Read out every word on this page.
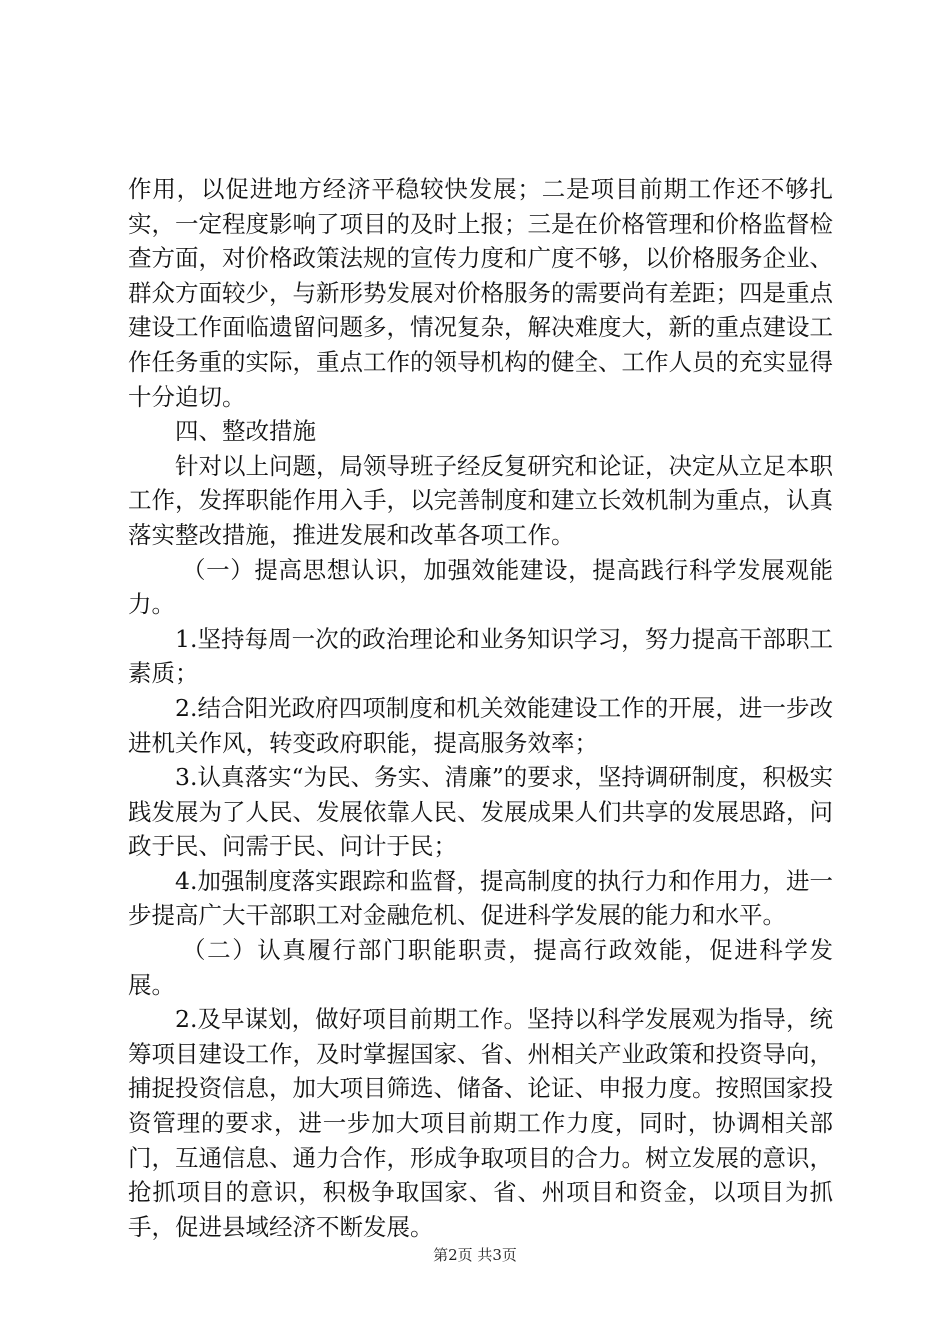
作用，以促进地方经济平稳较快发展；二是项目前期工作还不够扎实，一定程度影响了项目的及时上报；三是在价格管理和价格监督检查方面，对价格政策法规的宣传力度和广度不够，以价格服务企业、群众方面较少，与新形势发展对价格服务的需要尚有差距；四是重点建设工作面临遗留问题多，情况复杂，解决难度大，新的重点建设工作任务重的实际，重点工作的领导机构的健全、工作人员的充实显得十分迫切。

四、整改措施

针对以上问题，局领导班子经反复研究和论证，决定从立足本职工作，发挥职能作用入手，以完善制度和建立长效机制为重点，认真落实整改措施，推进发展和改革各项工作。

（一）提高思想认识，加强效能建设，提高践行科学发展观能力。

1.坚持每周一次的政治理论和业务知识学习，努力提高干部职工素质；

2.结合阳光政府四项制度和机关效能建设工作的开展，进一步改进机关作风，转变政府职能，提高服务效率；

3.认真落实“为民、务实、清廉”的要求，坚持调研制度，积极实践发展为了人民、发展依靠人民、发展成果人们共享的发展思路，问政于民、问需于民、问计于民；

4.加强制度落实跟踪和监督，提高制度的执行力和作用力，进一步提高广大干部职工对金融危机、促进科学发展的能力和水平。

（二）认真履行部门职能职责，提高行政效能，促进科学发展。

2.及早谋划，做好项目前期工作。坚持以科学发展观为指导，统筹项目建设工作，及时掌握国家、省、州相关产业政策和投资导向，捕捉投资信息，加大项目筛选、储备、论证、申报力度。按照国家投资管理的要求，进一步加大项目前期工作力度，同时，协调相关部门，互通信息、通力合作，形成争取项目的合力。树立发展的意识，抢抓项目的意识，积极争取国家、省、州项目和资金，以项目为抓手，促进县域经济不断发展。

第2页 共3页
